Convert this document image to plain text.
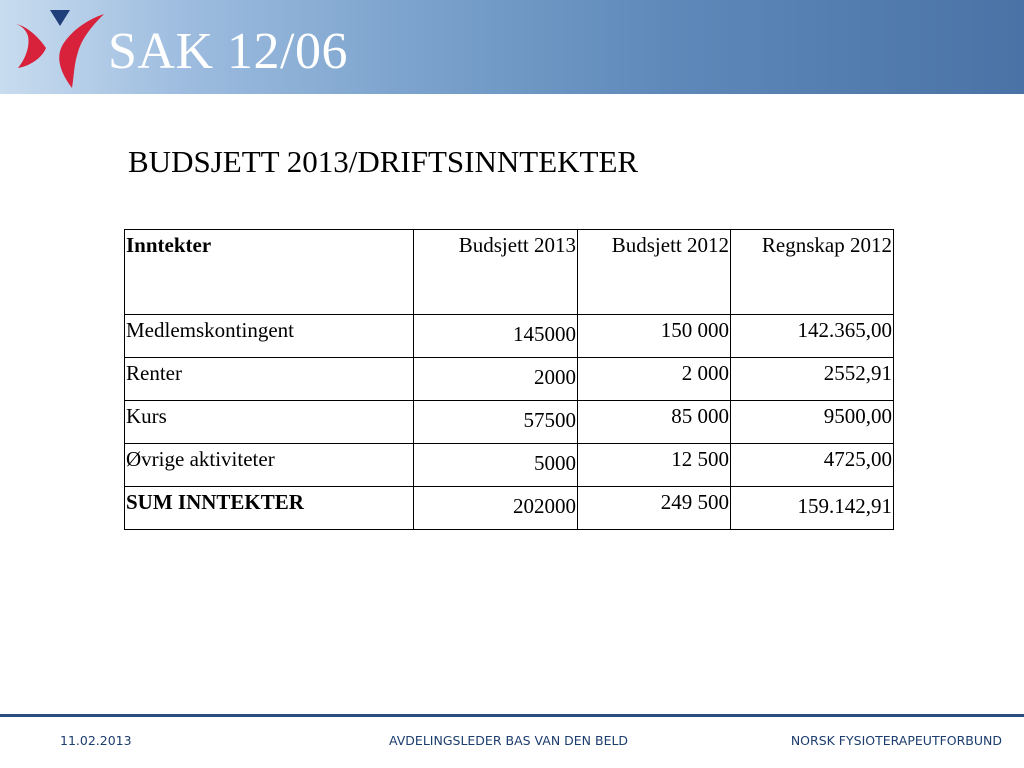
SAK 12/06
BUDSJETT 2013/DRIFTSINNTEKTER
Inntekter	Budsjett 2013	Budsjett 2012	Regnskap 2012
Medlemskontingent	145000	150 000	142.365,00
Renter	2000	2 000	2552,91
Kurs	57500	85 000	9500,00
Øvrige aktiviteter	5000	12 500	4725,00
SUM INNTEKTER	202000	249 500	159.142,91
11.02.2013	AVDELINGSLEDER BAS VAN DEN BELD	NORSK FYSIOTERAPEUTFORBUND
